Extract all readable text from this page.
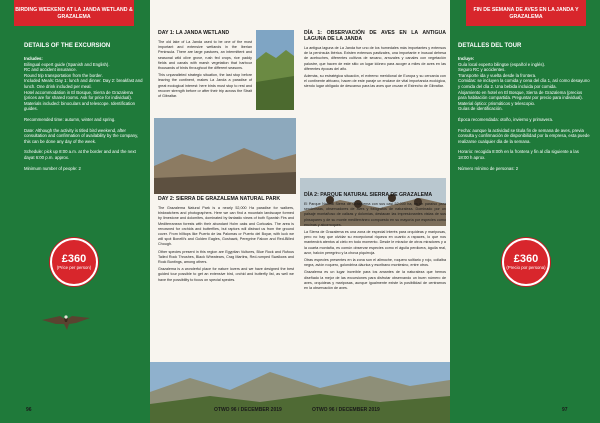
BIRDING WEEKEND AT LA JANDA WETLAND & GRAZALEMA
DETAILS OF THE EXCURSION

Includes:
Bilingual expert guide (Spanish and English).
RC and accident insurance.
Round trip transportation from the border.
Included Meals: Day 1: lunch and dinner. Day 2: breakfast and lunch. One drink included per meal.
Hotel accommodation in El Bosque, Sierra de Grazalema (prices are for shared rooms. Ask for price for individual).
Materials included: binoculars and telescope. Identification guides.

Recommended time: autumn, winter and spring.

Date: Although the activity is titled bird weekend, after consultation and confirmation of availability by the company, this can be done any day of the week.

Schedule: pick up 8:00 a.m. at the border and and the next dayat 6:00 p.m. approx.

Minimum number of people: 2

£360
(Price per person)
96
DAY 1: LA JANDA WETLAND

The old lake of La Janda used to be one of the most important and extensive wetlands in the Iberian Peninsula. There are large pastures, an intermittent and seasonal wild olive grove, rush fed crops, rice paddy fields and canals with marsh vegetation that harbour thousands of birds throughout the different seasons.

This unparalleled strategic situation, the last stop before leaving the continent, makes La Janda a paradise of great ecological interest: here birds must stop to rest and recover strength before or after their trip across the Strait of Gibraltar.

DAY 2: SIERRA DE GRAZALEMA NATURAL PARK

The Grazalema Natural Park is a nearly 52,000 Ha paradise for walkers, birdwatchers and photographers. Here we can find a mountain landscape formed by limestone and dolomites, dominated by fantastic views of both Spanish Firs and Mediterranean forests with their abundant Holm oaks and Corkoaks. The area is renowned for orchids and butterflies, but raptors will distract us from the ground cover. From hilltops like Puerto de las Palomas or Puerto del Boyar, with luck we will spot Bonelli's and Golden Eagles, Goshawk, Peregrine Falcon and Red-Billed Chough.

Other species present in this region are Egyptian Vultures, Blue Rock and Rufous Tailed Rock Thrushes, Black Wheatears, Crag Martins, Red-rumped Swallows and Rock Buntings, among others.

Grazalema is a wonderful place for nature lovers and we have designed the best guided tour possible to get an extensive bird, orchid and butterfly list, as well we have the possibility to focus on special species.

DÍA 1: OBSERVACIÓN DE AVES EN LA ANTIGUA LAGUNA DE LA JANDA

La antigua laguna de La Janda fue uno de los humedales más importantes y extensos de la península Ibérica. Existen extensos pastizales, una importante e inusual dehesa de acebuches, diferentes cultivos de secano, arrozales y canales con vegetación palustre, que hacen de este sitio un lugar idóneo para acoger a miles de aves en las diferentes épocas del año.

Además, su estratégica situación, el extremo meridional de Europa y su cercanía con el continente africano, hacen de este paraje un enclave de vital importancia ecológica, siendo lugar obligado de descanso para las aves que cruzan el Estrecho de Gibraltar.

DÍA 2: PARQUE NATURAL SIERRA DE GRAZALEMA

El Parque Natural Sierra de Grazalema con sus casi 52.000 ha, es un paraíso para senderistas, observadores de aves y fotógrafos de naturaleza. Dominado por un paisaje montañoso de calizas y dolomías, destacan las impresionantes vistas de sus pinsapares y de su monte mediterráneo compuesto en su mayoría por especies como encinas y alcornoques.

La Sierra de Grazalema es una zona de especial interés para orquídeas y mariposas, pero no hay que olvidar su excepcional riqueza en cuanto a rapaces, lo que nos mantendrá atentos al cielo en todo momento. Desde le mirador de otros miradores y a la cuarta montaña, es común observar especies como el águila perdicera, águila real, azor, halcón peregrino y la chova piquirroja.

Otras especies presentes en la zona son el alimoche, roquero solitario y rojo, collalba negra, avión roquero, golondrina dáurica y escribano montesino, entre otros.

Grazalema es un lugar increíble para los amantes de la naturaleza que hemos diseñado la mejor de las excursiones para disfrutar observando un buen número de aves, orquídeas y mariposas, aunque igualmente existe la posibilidad de centrarnos en la observación de aves.

OTWO 96 / DECEMBER 2019	OTWO 96 / DECEMBER 2019
FIN DE SEMANA DE AVES EN LA JANDA Y GRAZALEMA
DETALLES DEL TOUR

Incluye:
Guía local experto bilingüe (español e inglés).
Seguro RC y accidentes.
Transporte ida y vuelta desde la frontera.
Comidas: se incluyen la comida y cena del día 1, así como desayuno y comida del día 2. Una bebida incluida por comida.
Alojamiento en hotel en El Bosque, Sierra de Grazalema (precios para habitación compartida. Preguntar por precio para individual).
Material óptico: prismáticos y telescopio.
Guías de identificación.

Época recomendada: otoño, invierno y primavera.

Fecha: aunque la actividad se titula fin de semana de aves, previa consulta y confirmación de disponibilidad por la empresa, esta puede realizarse cualquier día de la semana.

Horario: recogida 8:00h en la frontera y fin al día siguiente a las 18:00 h aprox.

Número mínimo de personas: 2

£360
(Precio por persona)
97
